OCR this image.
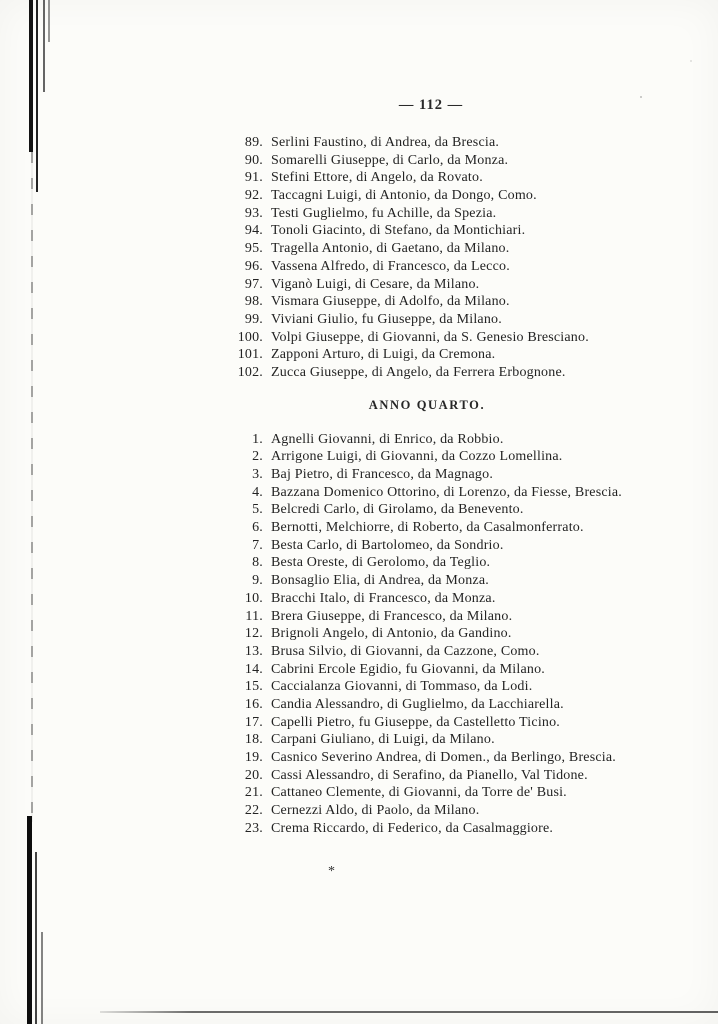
— 112 —
89. Serlini Faustino, di Andrea, da Brescia.
90. Somarelli Giuseppe, di Carlo, da Monza.
91. Stefini Ettore, di Angelo, da Rovato.
92. Taccagni Luigi, di Antonio, da Dongo, Como.
93. Testi Guglielmo, fu Achille, da Spezia.
94. Tonoli Giacinto, di Stefano, da Montichiari.
95. Tragella Antonio, di Gaetano, da Milano.
96. Vassena Alfredo, di Francesco, da Lecco.
97. Viganò Luigi, di Cesare, da Milano.
98. Vismara Giuseppe, di Adolfo, da Milano.
99. Viviani Giulio, fu Giuseppe, da Milano.
100. Volpi Giuseppe, di Giovanni, da S. Genesio Bresciano.
101. Zapponi Arturo, di Luigi, da Cremona.
102. Zucca Giuseppe, di Angelo, da Ferrera Erbognone.
ANNO QUARTO.
1. Agnelli Giovanni, di Enrico, da Robbio.
2. Arrigone Luigi, di Giovanni, da Cozzo Lomellina.
3. Baj Pietro, di Francesco, da Magnago.
4. Bazzana Domenico Ottorino, di Lorenzo, da Fiesse, Brescia.
5. Belcredi Carlo, di Girolamo, da Benevento.
6. Bernotti, Melchiorre, di Roberto, da Casalmonferrato.
7. Besta Carlo, di Bartolomeo, da Sondrio.
8. Besta Oreste, di Gerolomo, da Teglio.
9. Bonsaglio Elia, di Andrea, da Monza.
10. Bracchi Italo, di Francesco, da Monza.
11. Brera Giuseppe, di Francesco, da Milano.
12. Brignoli Angelo, di Antonio, da Gandino.
13. Brusa Silvio, di Giovanni, da Cazzone, Como.
14. Cabrini Ercole Egidio, fu Giovanni, da Milano.
15. Caccialanza Giovanni, di Tommaso, da Lodi.
16. Candia Alessandro, di Guglielmo, da Lacchiarella.
17. Capelli Pietro, fu Giuseppe, da Castelletto Ticino.
18. Carpani Giuliano, di Luigi, da Milano.
19. Casnico Severino Andrea, di Domen., da Berlingo, Brescia.
20. Cassi Alessandro, di Serafino, da Pianello, Val Tidone.
21. Cattaneo Clemente, di Giovanni, da Torre de' Busi.
22. Cernezzi Aldo, di Paolo, da Milano.
23. Crema Riccardo, di Federico, da Casalmaggiore.
*
